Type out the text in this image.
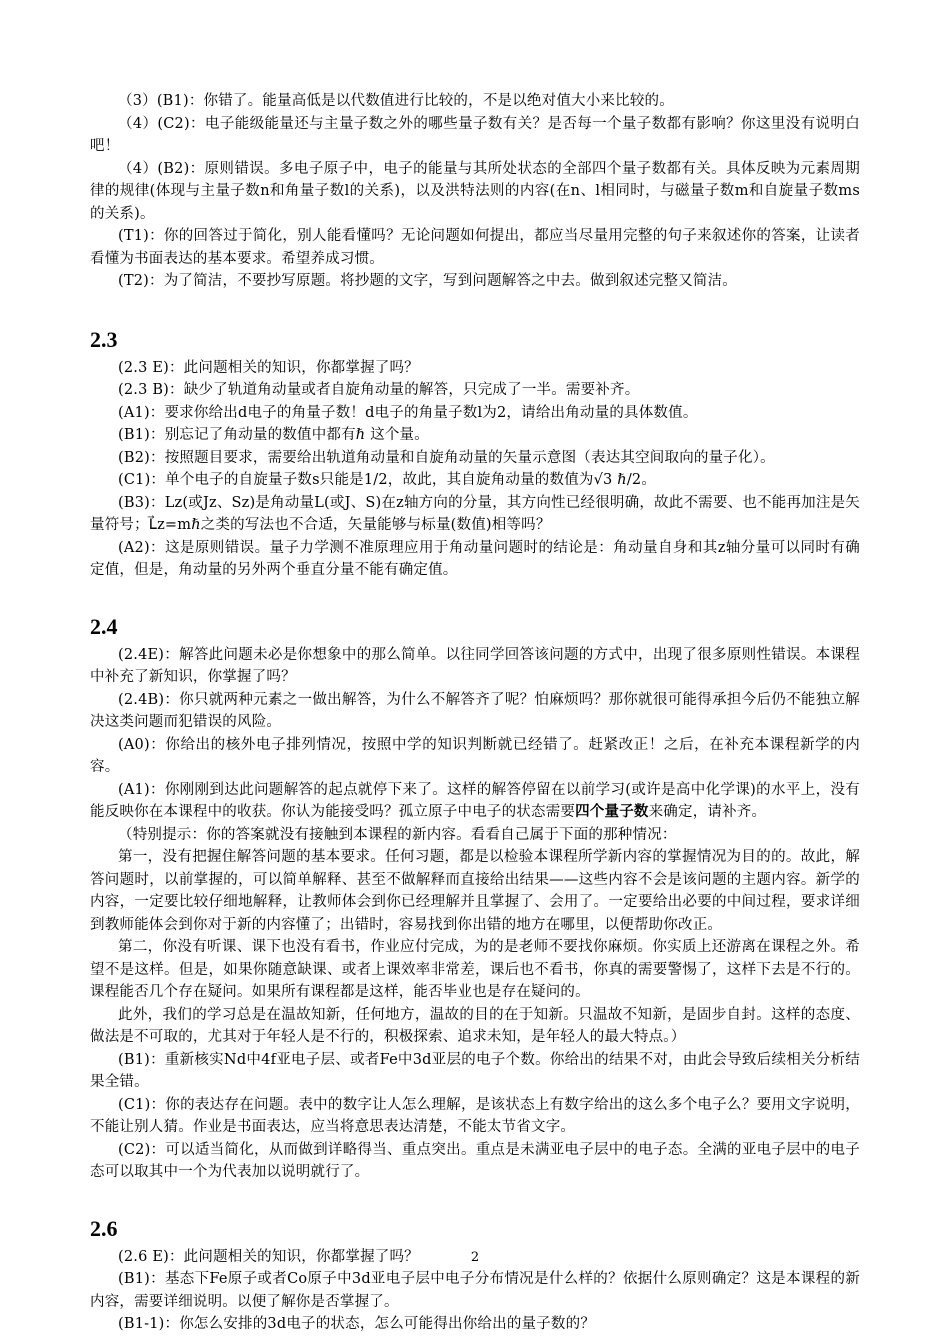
（3）(B1)：你错了。能量高低是以代数值进行比较的，不是以绝对值大小来比较的。

（4）(C2)：电子能级能量还与主量子数之外的哪些量子数有关？是否每一个量子数都有影响？你这里没有说明白吧！

（4）(B2)：原则错误。多电子原子中，电子的能量与其所处状态的全部四个量子数都有关。具体反映为元素周期律的规律(体现与主量子数n和角量子数l的关系)，以及洪特法则的内容(在n、l相同时，与磁量子数m和自旋量子数ms的关系)。

(T1)：你的回答过于简化，别人能看懂吗？无论问题如何提出，都应当尽量用完整的句子来叙述你的答案，让读者看懂为书面表达的基本要求。希望养成习惯。

(T2)：为了简洁，不要抄写原题。将抄题的文字，写到问题解答之中去。做到叙述完整又简洁。

2.3

(2.3 E)：此问题相关的知识，你都掌握了吗？

(2.3 B)：缺少了轨道角动量或者自旋角动量的解答，只完成了一半。需要补齐。

(A1)：要求你给出d电子的角量子数！d电子的角量子数l为2，请给出角动量的具体数值。

(B1)：别忘记了角动量的数值中都有ℏ 这个量。

(B2)：按照题目要求，需要给出轨道角动量和自旋角动量的矢量示意图（表达其空间取向的量子化）。

(C1)：单个电子的自旋量子数s只能是1/2，故此，其自旋角动量的数值为√3 ℏ/2。

(B3)：Lz(或Jz、Sz)是角动量L(或J、S)在z轴方向的分量，其方向性已经很明确，故此不需要、也不能再加注是矢量符号；L⃗z=mℏ之类的写法也不合适，矢量能够与标量(数值)相等吗？

(A2)：这是原则错误。量子力学测不准原理应用于角动量问题时的结论是：角动量自身和其z轴分量可以同时有确定值，但是，角动量的另外两个垂直分量不能有确定值。

2.4

(2.4E)：解答此问题未必是你想象中的那么简单。以往同学回答该问题的方式中，出现了很多原则性错误。本课程中补充了新知识，你掌握了吗？

(2.4B)：你只就两种元素之一做出解答，为什么不解答齐了呢？怕麻烦吗？那你就很可能得承担今后仍不能独立解决这类问题而犯错误的风险。

(A0)：你给出的核外电子排列情况，按照中学的知识判断就已经错了。赶紧改正！之后，在补充本课程新学的内容。

(A1)：你刚刚到达此问题解答的起点就停下来了。这样的解答停留在以前学习(或许是高中化学课)的水平上，没有能反映你在本课程中的收获。你认为能接受吗？孤立原子中电子的状态需要四个量子数来确定，请补齐。

（特别提示：你的答案就没有接触到本课程的新内容。看看自己属于下面的那种情况：

第一，没有把握住解答问题的基本要求。任何习题，都是以检验本课程所学新内容的掌握情况为目的的。故此，解答问题时，以前掌握的，可以简单解释、甚至不做解释而直接给出结果——这些内容不会是该问题的主题内容。新学的内容，一定要比较仔细地解释，让教师体会到你已经理解并且掌握了、会用了。一定要给出必要的中间过程，要求详细到教师能体会到你对于新的内容懂了；出错时，容易找到你出错的地方在哪里，以便帮助你改正。

第二，你没有听课、课下也没有看书，作业应付完成，为的是老师不要找你麻烦。你实质上还游离在课程之外。希望不是这样。但是，如果你随意缺课、或者上课效率非常差，课后也不看书，你真的需要警惕了，这样下去是不行的。课程能否几个存在疑问。如果所有课程都是这样，能否毕业也是存在疑问的。

此外，我们的学习总是在温故知新，任何地方，温故的目的在于知新。只温故不知新，是固步自封。这样的态度、做法是不可取的，尤其对于年轻人是不行的，积极探索、追求未知，是年轻人的最大特点。）

(B1)：重新核实Nd中4f亚电子层、或者Fe中3d亚层的电子个数。你给出的结果不对，由此会导致后续相关分析结果全错。

(C1)：你的表达存在问题。表中的数字让人怎么理解，是该状态上有数字给出的这么多个电子么？要用文字说明，不能让别人猜。作业是书面表达，应当将意思表达清楚，不能太节省文字。

(C2)：可以适当简化，从而做到详略得当、重点突出。重点是未满亚电子层中的电子态。全满的亚电子层中的电子态可以取其中一个为代表加以说明就行了。

2.6

(2.6 E)：此问题相关的知识，你都掌握了吗？

(B1)：基态下Fe原子或者Co原子中3d亚电子层中电子分布情况是什么样的？依据什么原则确定？这是本课程的新内容，需要详细说明。以便了解你是否掌握了。

(B1-1)：你怎么安排的3d电子的状态，怎么可能得出你给出的量子数的？

2
